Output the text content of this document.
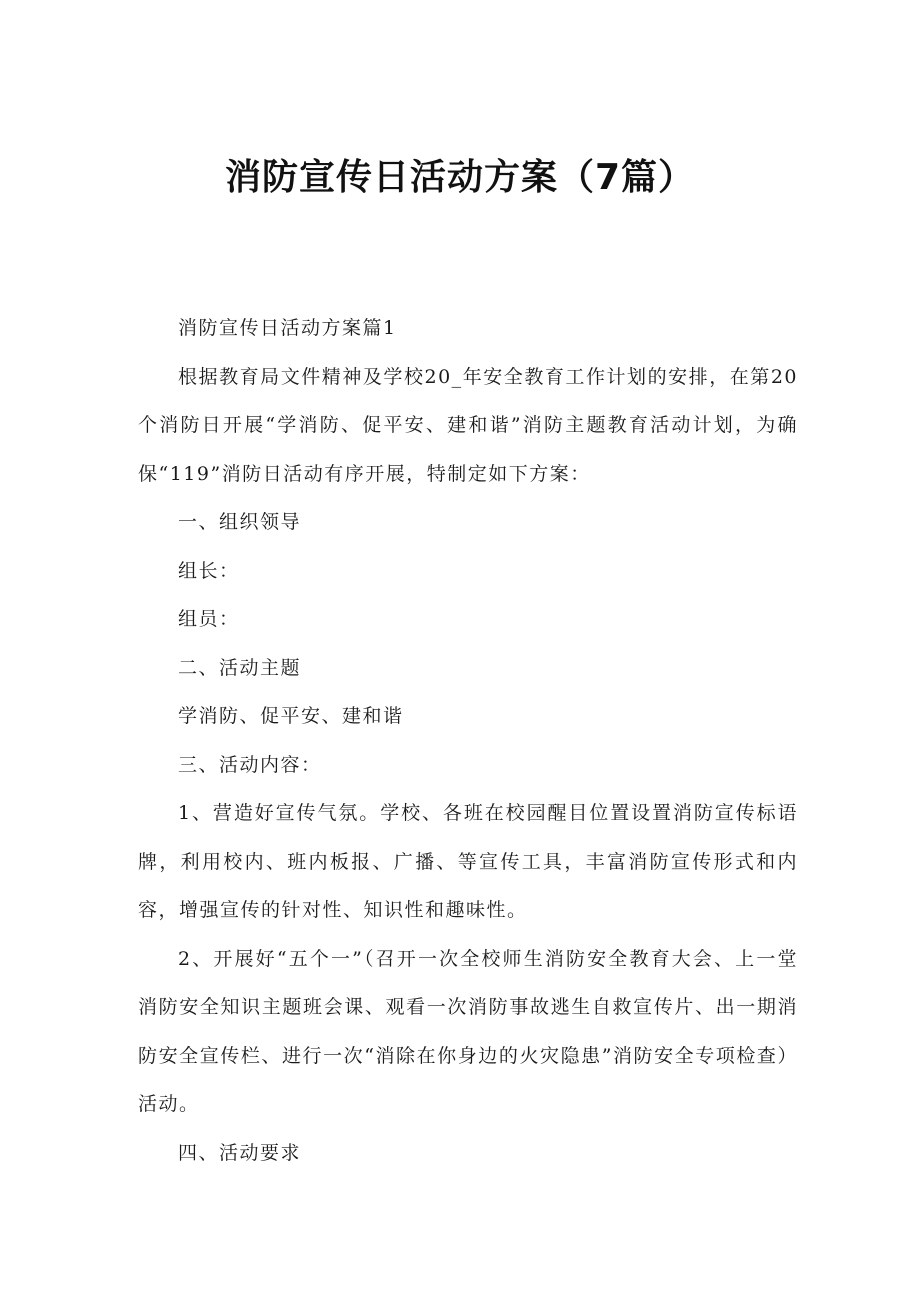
消防宣传日活动方案（7篇）

消防宣传日活动方案篇1

根据教育局文件精神及学校20_年安全教育工作计划的安排，在第20个消防日开展“学消防、促平安、建和谐”消防主题教育活动计划，为确保“119”消防日活动有序开展，特制定如下方案：

一、组织领导

组长：

组员：

二、活动主题

学消防、促平安、建和谐

三、活动内容：

1、营造好宣传气氛。学校、各班在校园醒目位置设置消防宣传标语牌，利用校内、班内板报、广播、等宣传工具，丰富消防宣传形式和内容，增强宣传的针对性、知识性和趣味性。

2、开展好“五个一”（召开一次全校师生消防安全教育大会、上一堂消防安全知识主题班会课、观看一次消防事故逃生自救宣传片、出一期消防安全宣传栏、进行一次“消除在你身边的火灾隐患”消防安全专项检查）活动。

四、活动要求
